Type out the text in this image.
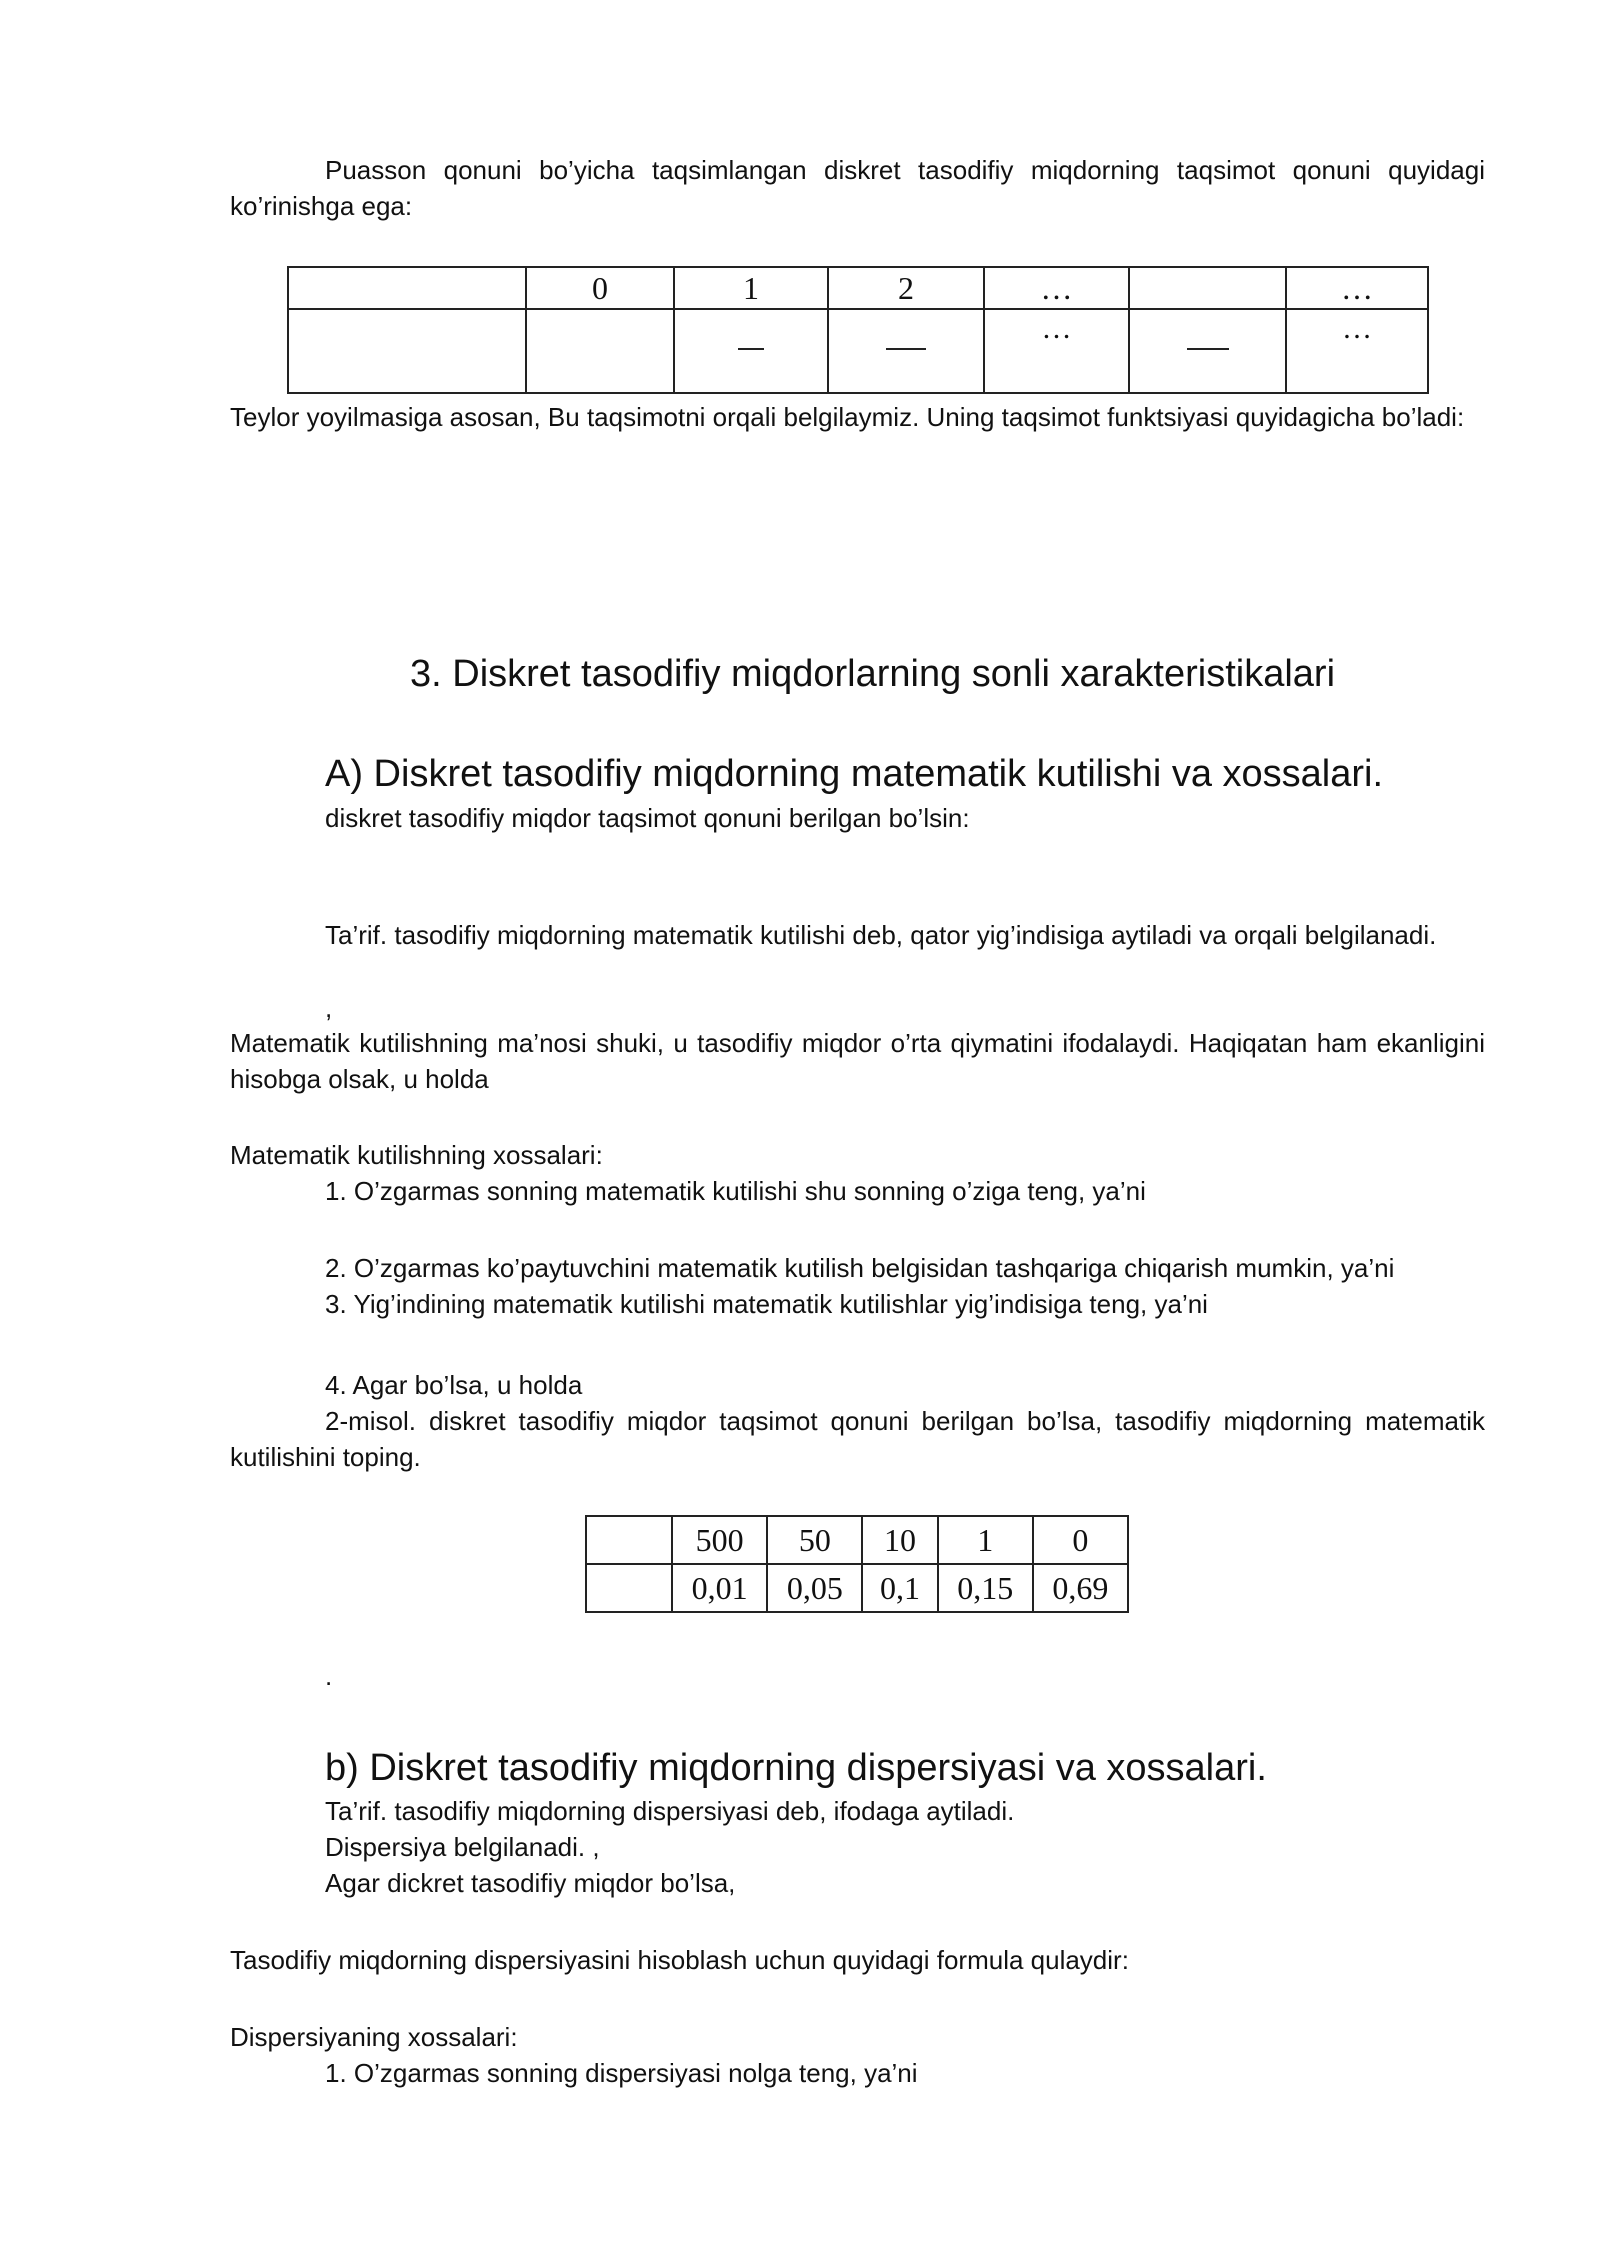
Puasson qonuni bo’yicha taqsimlangan diskret tasodifiy miqdorning taqsimot qonuni quyidagi ko’rinishga ega:

	0	1	2	…		…

				…		…

Teylor yoyilmasiga asosan, Bu taqsimotni orqali belgilaymiz. Uning taqsimot funktsiyasi quyidagicha bo’ladi:

3. Diskret tasodifiy miqdorlarning sonli xarakteristikalari
A) Diskret tasodifiy miqdorning matematik kutilishi va xossalari.

diskret tasodifiy miqdor taqsimot qonuni berilgan bo’lsin:

Ta’rif. tasodifiy miqdorning matematik kutilishi deb, qator yig’indisiga aytiladi va orqali belgilanadi.

,

Matematik kutilishning ma’nosi shuki, u tasodifiy miqdor o’rta qiymatini ifodalaydi. Haqiqatan ham ekanligini hisobga olsak, u holda

Matematik kutilishning xossalari:

1. O’zgarmas sonning matematik kutilishi shu sonning o’ziga teng, ya’ni

2. O’zgarmas ko’paytuvchini matematik kutilish belgisidan tashqariga chiqarish mumkin, ya’ni

3. Yig’indining matematik kutilishi matematik kutilishlar yig’indisiga teng, ya’ni

4. Agar bo’lsa, u holda

2-misol. diskret tasodifiy miqdor taqsimot qonuni berilgan bo’lsa, tasodifiy miqdorning matematik kutilishini toping.

	500	50	10	1	0
	0,01	0,05	0,1	0,15	0,69

.

b) Diskret tasodifiy miqdorning dispersiyasi va xossalari.

Ta’rif. tasodifiy miqdorning dispersiyasi deb, ifodaga aytiladi.

Dispersiya belgilanadi. ,

Agar dickret tasodifiy miqdor bo’lsa,

Tasodifiy miqdorning dispersiyasini hisoblash uchun quyidagi formula qulaydir:

Dispersiyaning xossalari:

1. O’zgarmas sonning dispersiyasi nolga teng, ya’ni
